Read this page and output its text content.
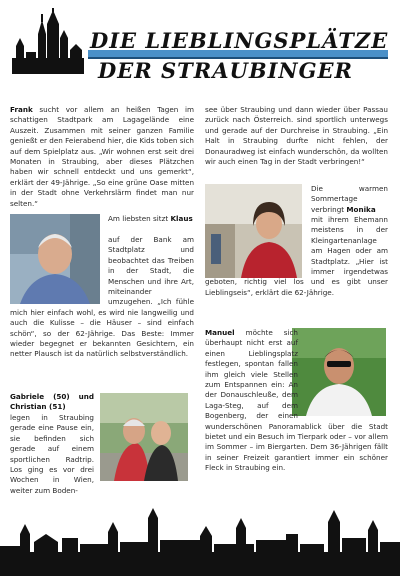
DIE LIEBLINGSPLÄTZE
DER STRAUBINGER

Frank sucht vor allem an heißen Tagen im schattigen Stadtpark am Lagagelände eine Auszeit. Zusammen mit seiner ganzen Familie genießt er den Feierabend hier, die Kids toben sich auf dem Spielplatz aus. „Wir wohnen erst seit drei Monaten in Straubing, aber dieses Plätzchen haben wir schnell entdeckt und uns gemerkt“, erklärt der 49-Jährige. „So eine grüne Oase mitten in der Stadt ohne Verkehrslärm findet man nur selten.“

Am liebsten sitzt Klaus

auf der Bank am Stadtplatz und beobachtet das Treiben in der Stadt, die Menschen und ihre Art, miteinander umzugehen. „Ich fühle mich hier einfach wohl, es wird nie langweilig und auch die Kulisse – die Häuser – sind einfach schön“, so der 62-Jährige. Das Beste: Immer wieder begegnet er bekannten Gesichtern, ein netter Plausch ist da natürlich selbstverständlich.

Gabriele (50) und Christian (51)

legen in Straubing gerade eine Pause ein, sie befinden sich gerade auf einem sportlichen Radtrip. Los ging es vor drei Wochen in Wien, weiter zum Boden-

see über Straubing und dann wieder über Passau zurück nach Österreich. sind sportlich unterwegs und gerade auf der Durchreise in Straubing. „Ein Halt in Straubing durfte nicht fehlen, der Donauradweg ist einfach wunderschön, da wollten wir auch einen Tag in der Stadt verbringen!“

Die warmen Sommertage verbringt Monika

mit ihrem Ehemann meistens in der Kleingartenanlage am Hagen oder am Stadtplatz. „Hier ist immer irgendetwas geboten, richtig viel los und es gibt unser Lieblingseis“, erklärt die 62-Jährige.

Manuel möchte sich überhaupt nicht erst auf einen Lieblingsplatz festlegen, spontan fallen ihm gleich viele Stellen zum Entspannen ein: An der Donauschleuße, dem Laga-Steg, auf dem Bogenberg, der einen wunderschönen Panoramablick über die Stadt bietet und ein Besuch im Tierpark oder – vor allem im Sommer – im Biergarten. Dem 36-Jährigen fällt in seiner Freizeit garantiert immer ein schöner Fleck in Straubing ein.
